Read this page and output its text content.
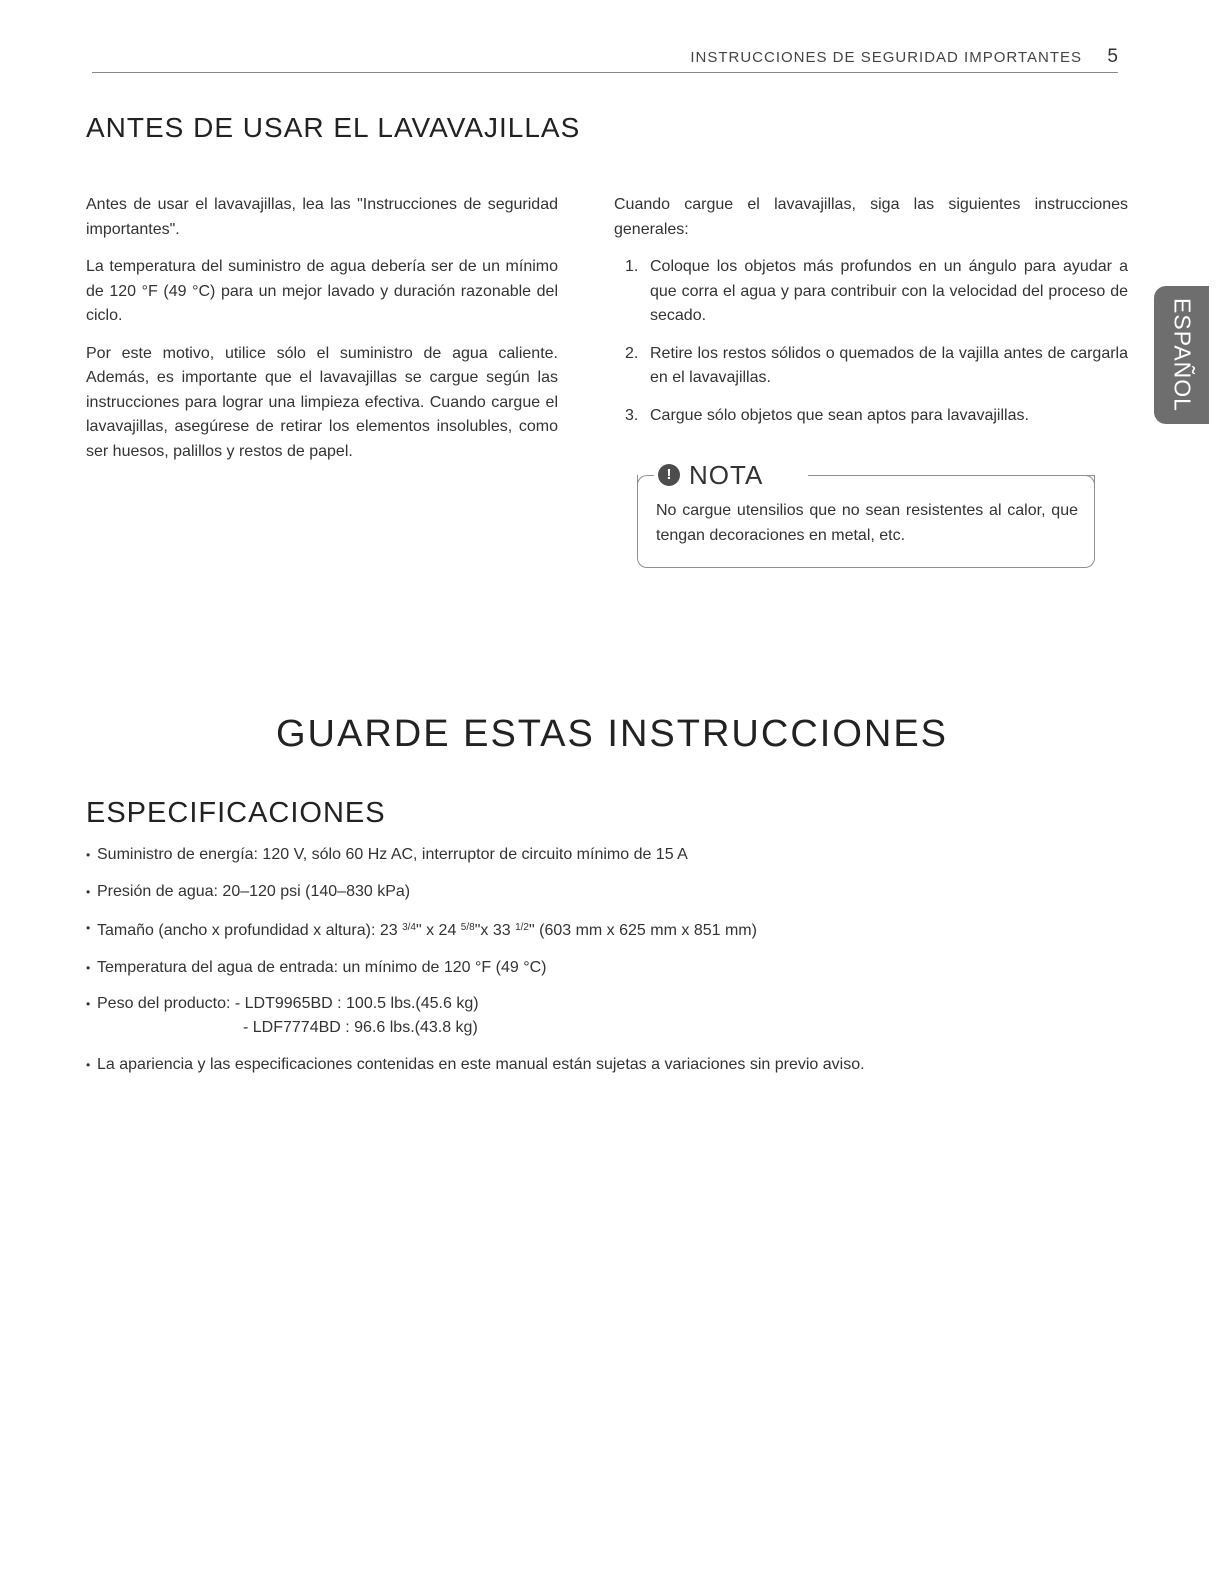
INSTRUCCIONES DE SEGURIDAD IMPORTANTES 5
ANTES DE USAR EL LAVAVAJILLAS

Antes de usar el lavavajillas, lea las "Instrucciones de seguridad importantes".

La temperatura del suministro de agua debería ser de un mínimo de 120 °F (49 °C) para un mejor lavado y duración razonable del ciclo.

Por este motivo, utilice sólo el suministro de agua caliente. Además, es importante que el lavavajillas se cargue según las instrucciones para lograr una limpieza efectiva. Cuando cargue el lavavajillas, asegúrese de retirar los elementos insolubles, como ser huesos, palillos y restos de papel.

Cuando cargue el lavavajillas, siga las siguientes instrucciones generales:

1. Coloque los objetos más profundos en un ángulo para ayudar a que corra el agua y para contribuir con la velocidad del proceso de secado.
2. Retire los restos sólidos o quemados de la vajilla antes de cargarla en el lavavajillas.
3. Cargue sólo objetos que sean aptos para lavavajillas.
! NOTA

No cargue utensilios que no sean resistentes al calor, que tengan decoraciones en metal, etc.

ESPAÑOL
GUARDE ESTAS INSTRUCCIONES
ESPECIFICACIONES
• Suministro de energía: 120 V, sólo 60 Hz AC, interruptor de circuito mínimo de 15 A
• Presión de agua: 20–120 psi (140–830 kPa)
• Tamaño (ancho x profundidad x altura): 23 $^{3/4}$" x 24 $^{5/8}$"x 33 $^{1/2}$" (603 mm x 625 mm x 851 mm)
• Temperatura del agua de entrada: un mínimo de 120 °F (49 °C)
• Peso del producto: - LDT9965BD : 100.5 lbs.(45.6 kg)
- LDF7774BD : 96.6 lbs.(43.8 kg)
• La apariencia y las especificaciones contenidas en este manual están sujetas a variaciones sin previo aviso.
